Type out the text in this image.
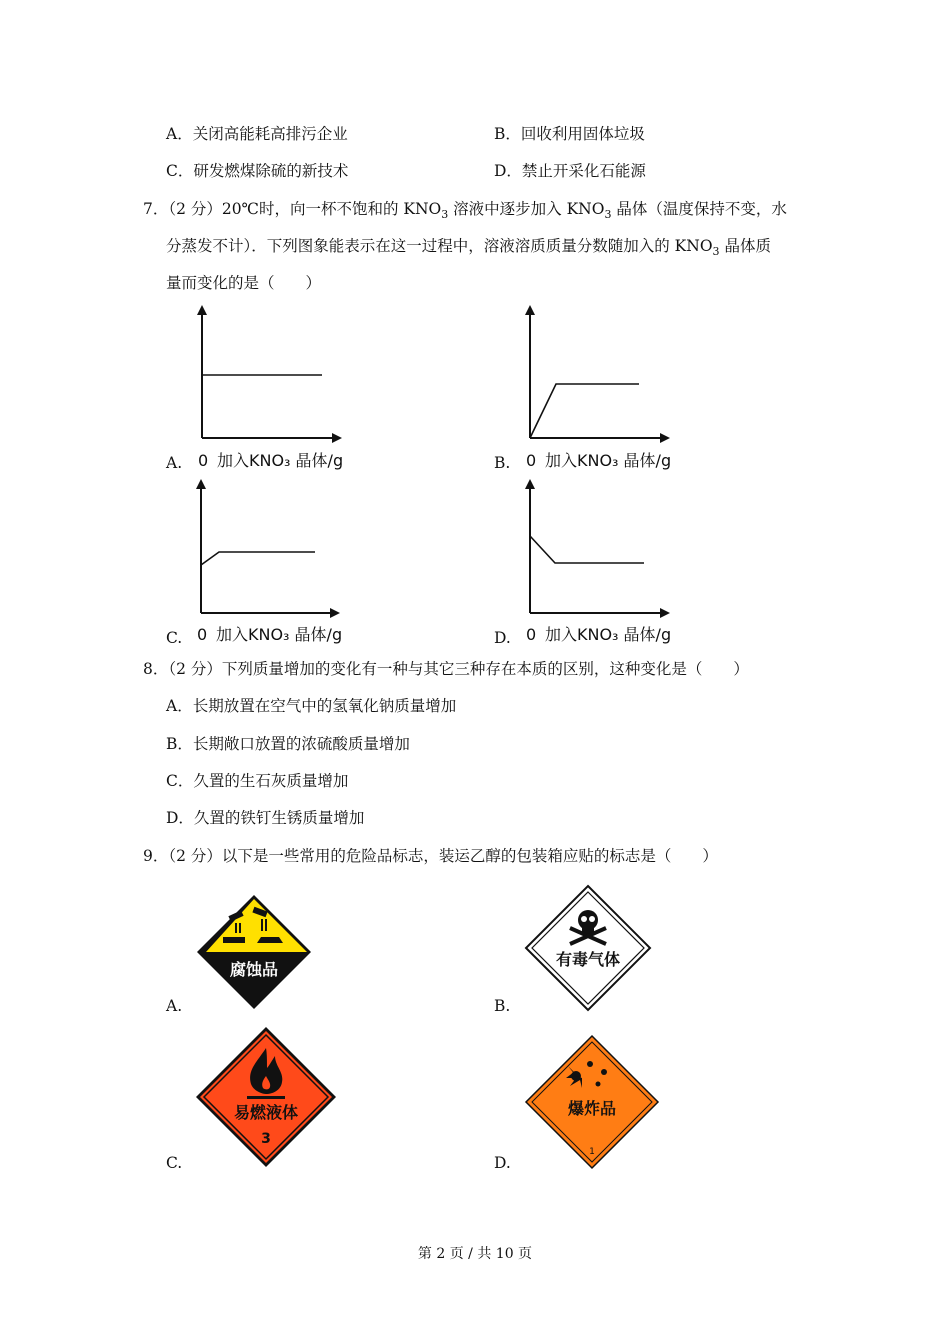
A．关闭高能耗高排污企业	B．回收利用固体垃圾
C．研发燃煤除硫的新技术	D．禁止开采化石能源
7．（2 分）20℃时，向一杯不饱和的 $KNO_3$ 溶液中逐步加入 $KNO_3$ 晶体（温度保持不变，水
分蒸发不计）．下列图象能表示在这一过程中，溶液溶质质量分数随加入的 $KNO_3$ 晶体质
量而变化的是（　　）
A. 0 加入KNO₃ 晶体/g	B. 0 加入KNO₃ 晶体/g
C. 0 加入KNO₃ 晶体/g	D. 0 加入KNO₃ 晶体/g
8．（2 分）下列质量增加的变化有一种与其它三种存在本质的区别，这种变化是（　　）
A．长期放置在空气中的氢氧化钠质量增加
B．长期敞口放置的浓硫酸质量增加
C．久置的生石灰质量增加
D．久置的铁钉生锈质量增加
9．（2 分）以下是一些常用的危险品标志，装运乙醇的包装箱应贴的标志是（　　）
A.
腐蚀品
B.
有毒气体
C.
易燃液体
3
D.
爆炸品
1
第 2 页 / 共 10 页
